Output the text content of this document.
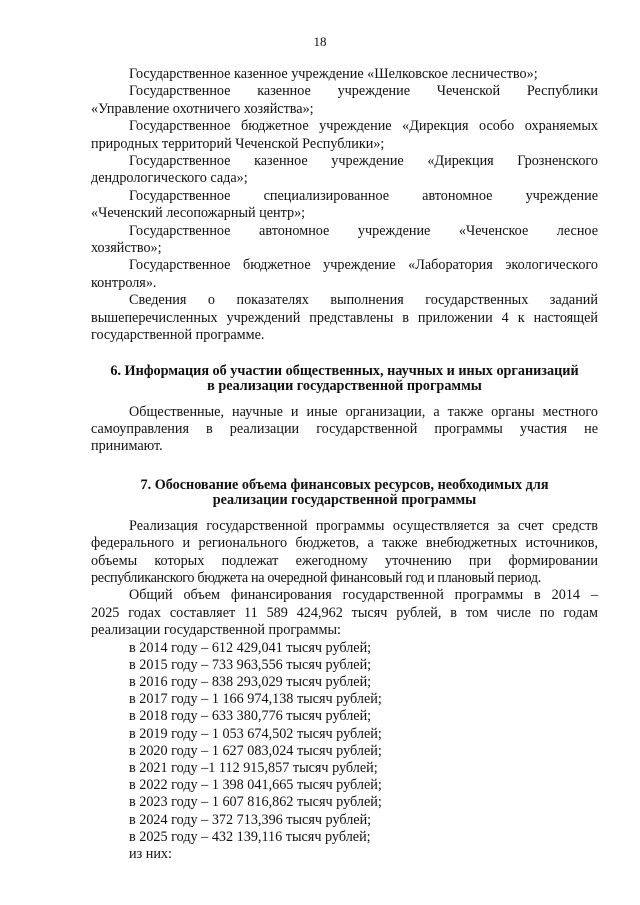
18

Государственное казенное учреждение «Шелковское лесничество»;

Государственное казенное учреждение Чеченской Республики

«Управление охотничего хозяйства»;

Государственное бюджетное учреждение «Дирекция особо охраняемых

природных территорий Чеченской Республики»;

Государственное казенное учреждение «Дирекция Грозненского

дендрологического сада»;

Государственное специализированное автономное учреждение

«Чеченский лесопожарный центр»;

Государственное автономное учреждение «Чеченское лесное

хозяйство»;

Государственное бюджетное учреждение «Лаборатория экологического

контроля».

Сведения о показателях выполнения государственных заданий

вышеперечисленных учреждений представлены в приложении 4 к настоящей

государственной программе.

6. Информация об участии общественных, научных и иных организаций
в реализации государственной программы

Общественные, научные и иные организации, а также органы местного

самоуправления в реализации государственной программы участия не

принимают.

7. Обоснование объема финансовых ресурсов, необходимых для
реализации государственной программы

Реализация государственной программы осуществляется за счет средств

федерального и регионального бюджетов, а также внебюджетных источников,

объемы которых подлежат ежегодному уточнению при формировании

республиканского бюджета на очередной финансовый год и плановый период.

Общий объем финансирования государственной программы в 2014 –

2025 годах составляет 11 589 424,962 тысяч рублей, в том числе по годам

реализации государственной программы:

в 2014 году – 612 429,041 тысяч рублей;

в 2015 году – 733 963,556 тысяч рублей;

в 2016 году – 838 293,029 тысяч рублей;

в 2017 году – 1 166 974,138 тысяч рублей;

в 2018 году – 633 380,776 тысяч рублей;

в 2019 году – 1 053 674,502 тысяч рублей;

в 2020 году – 1 627 083,024 тысяч рублей;

в 2021 году –1 112 915,857 тысяч рублей;

в 2022 году – 1 398 041,665 тысяч рублей;

в 2023 году – 1 607 816,862 тысяч рублей;

в 2024 году – 372 713,396 тысяч рублей;

в 2025 году – 432 139,116 тысяч рублей;

из них:
